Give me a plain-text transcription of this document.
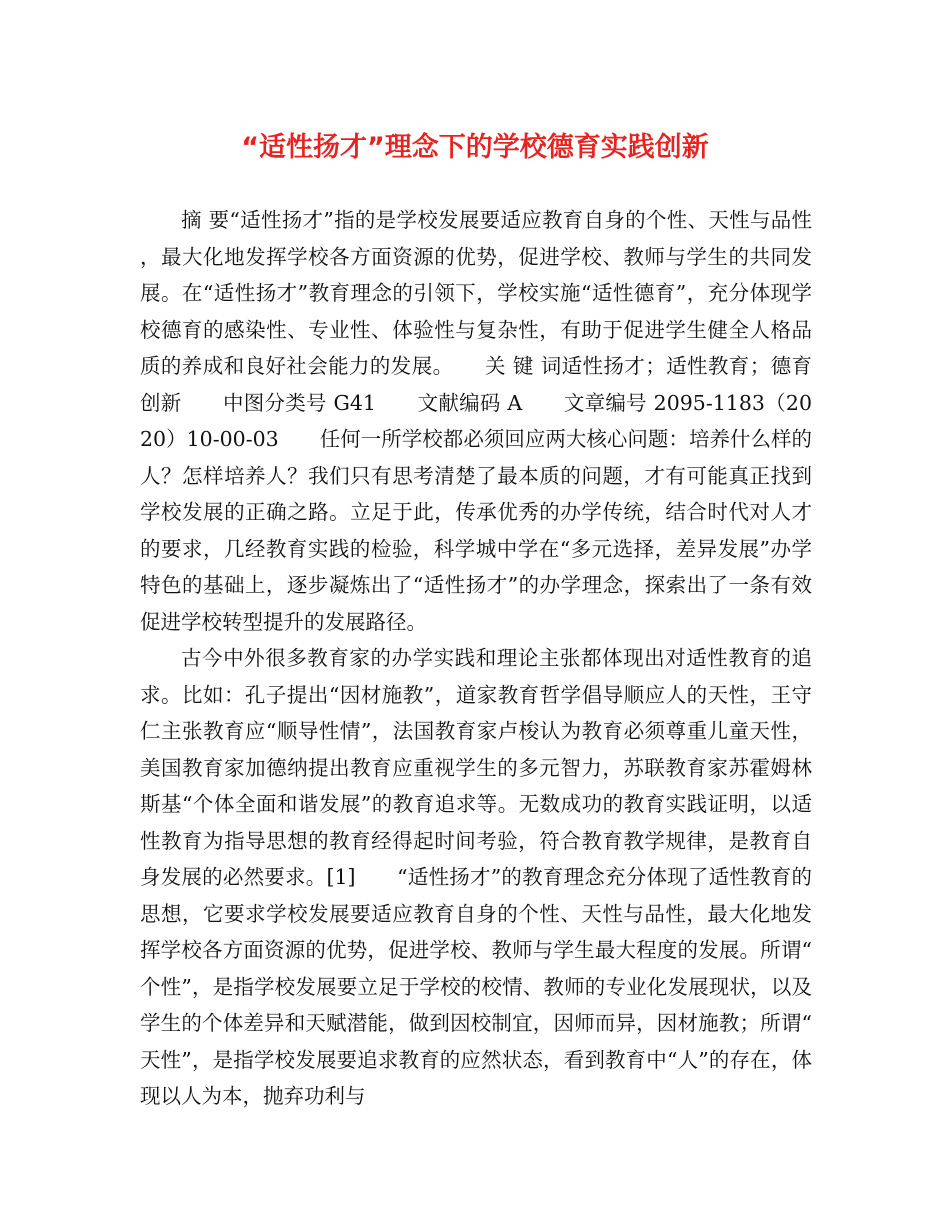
“适性扬才”理念下的学校德育实践创新

摘 要“适性扬才”指的是学校发展要适应教育自身的个性、天性与品性，最大化地发挥学校各方面资源的优势，促进学校、教师与学生的共同发展。在“适性扬才”教育理念的引领下，学校实施“适性德育”，充分体现学校德育的感染性、专业性、体验性与复杂性，有助于促进学生健全人格品质的养成和良好社会能力的发展。　　关 键 词适性扬才；适性教育；德育创新　　中图分类号 G41　　文献编码 A　　文章编号 2095-1183（2020）10-00-03　　任何一所学校都必须回应两大核心问题：培养什么样的人？怎样培养人？我们只有思考清楚了最本质的问题，才有可能真正找到学校发展的正确之路。立足于此，传承优秀的办学传统，结合时代对人才的要求，几经教育实践的检验，科学城中学在“多元选择，差异发展”办学特色的基础上，逐步凝炼出了“适性扬才”的办学理念，探索出了一条有效促进学校转型提升的发展路径。

古今中外很多教育家的办学实践和理论主张都体现出对适性教育的追求。比如：孔子提出“因材施教”，道家教育哲学倡导顺应人的天性，王守仁主张教育应“顺导性情”，法国教育家卢梭认为教育必须尊重儿童天性，美国教育家加德纳提出教育应重视学生的多元智力，苏联教育家苏霍姆林斯基“个体全面和谐发展”的教育追求等。无数成功的教育实践证明，以适性教育为指导思想的教育经得起时间考验，符合教育教学规律，是教育自身发展的必然要求。[1]　　“适性扬才”的教育理念充分体现了适性教育的思想，它要求学校发展要适应教育自身的个性、天性与品性，最大化地发挥学校各方面资源的优势，促进学校、教师与学生最大程度的发展。所谓“个性”，是指学校发展要立足于学校的校情、教师的专业化发展现状，以及学生的个体差异和天赋潜能，做到因校制宜，因师而异，因材施教；所谓“天性”，是指学校发展要追求教育的应然状态，看到教育中“人”的存在，体现以人为本，抛弃功利与
